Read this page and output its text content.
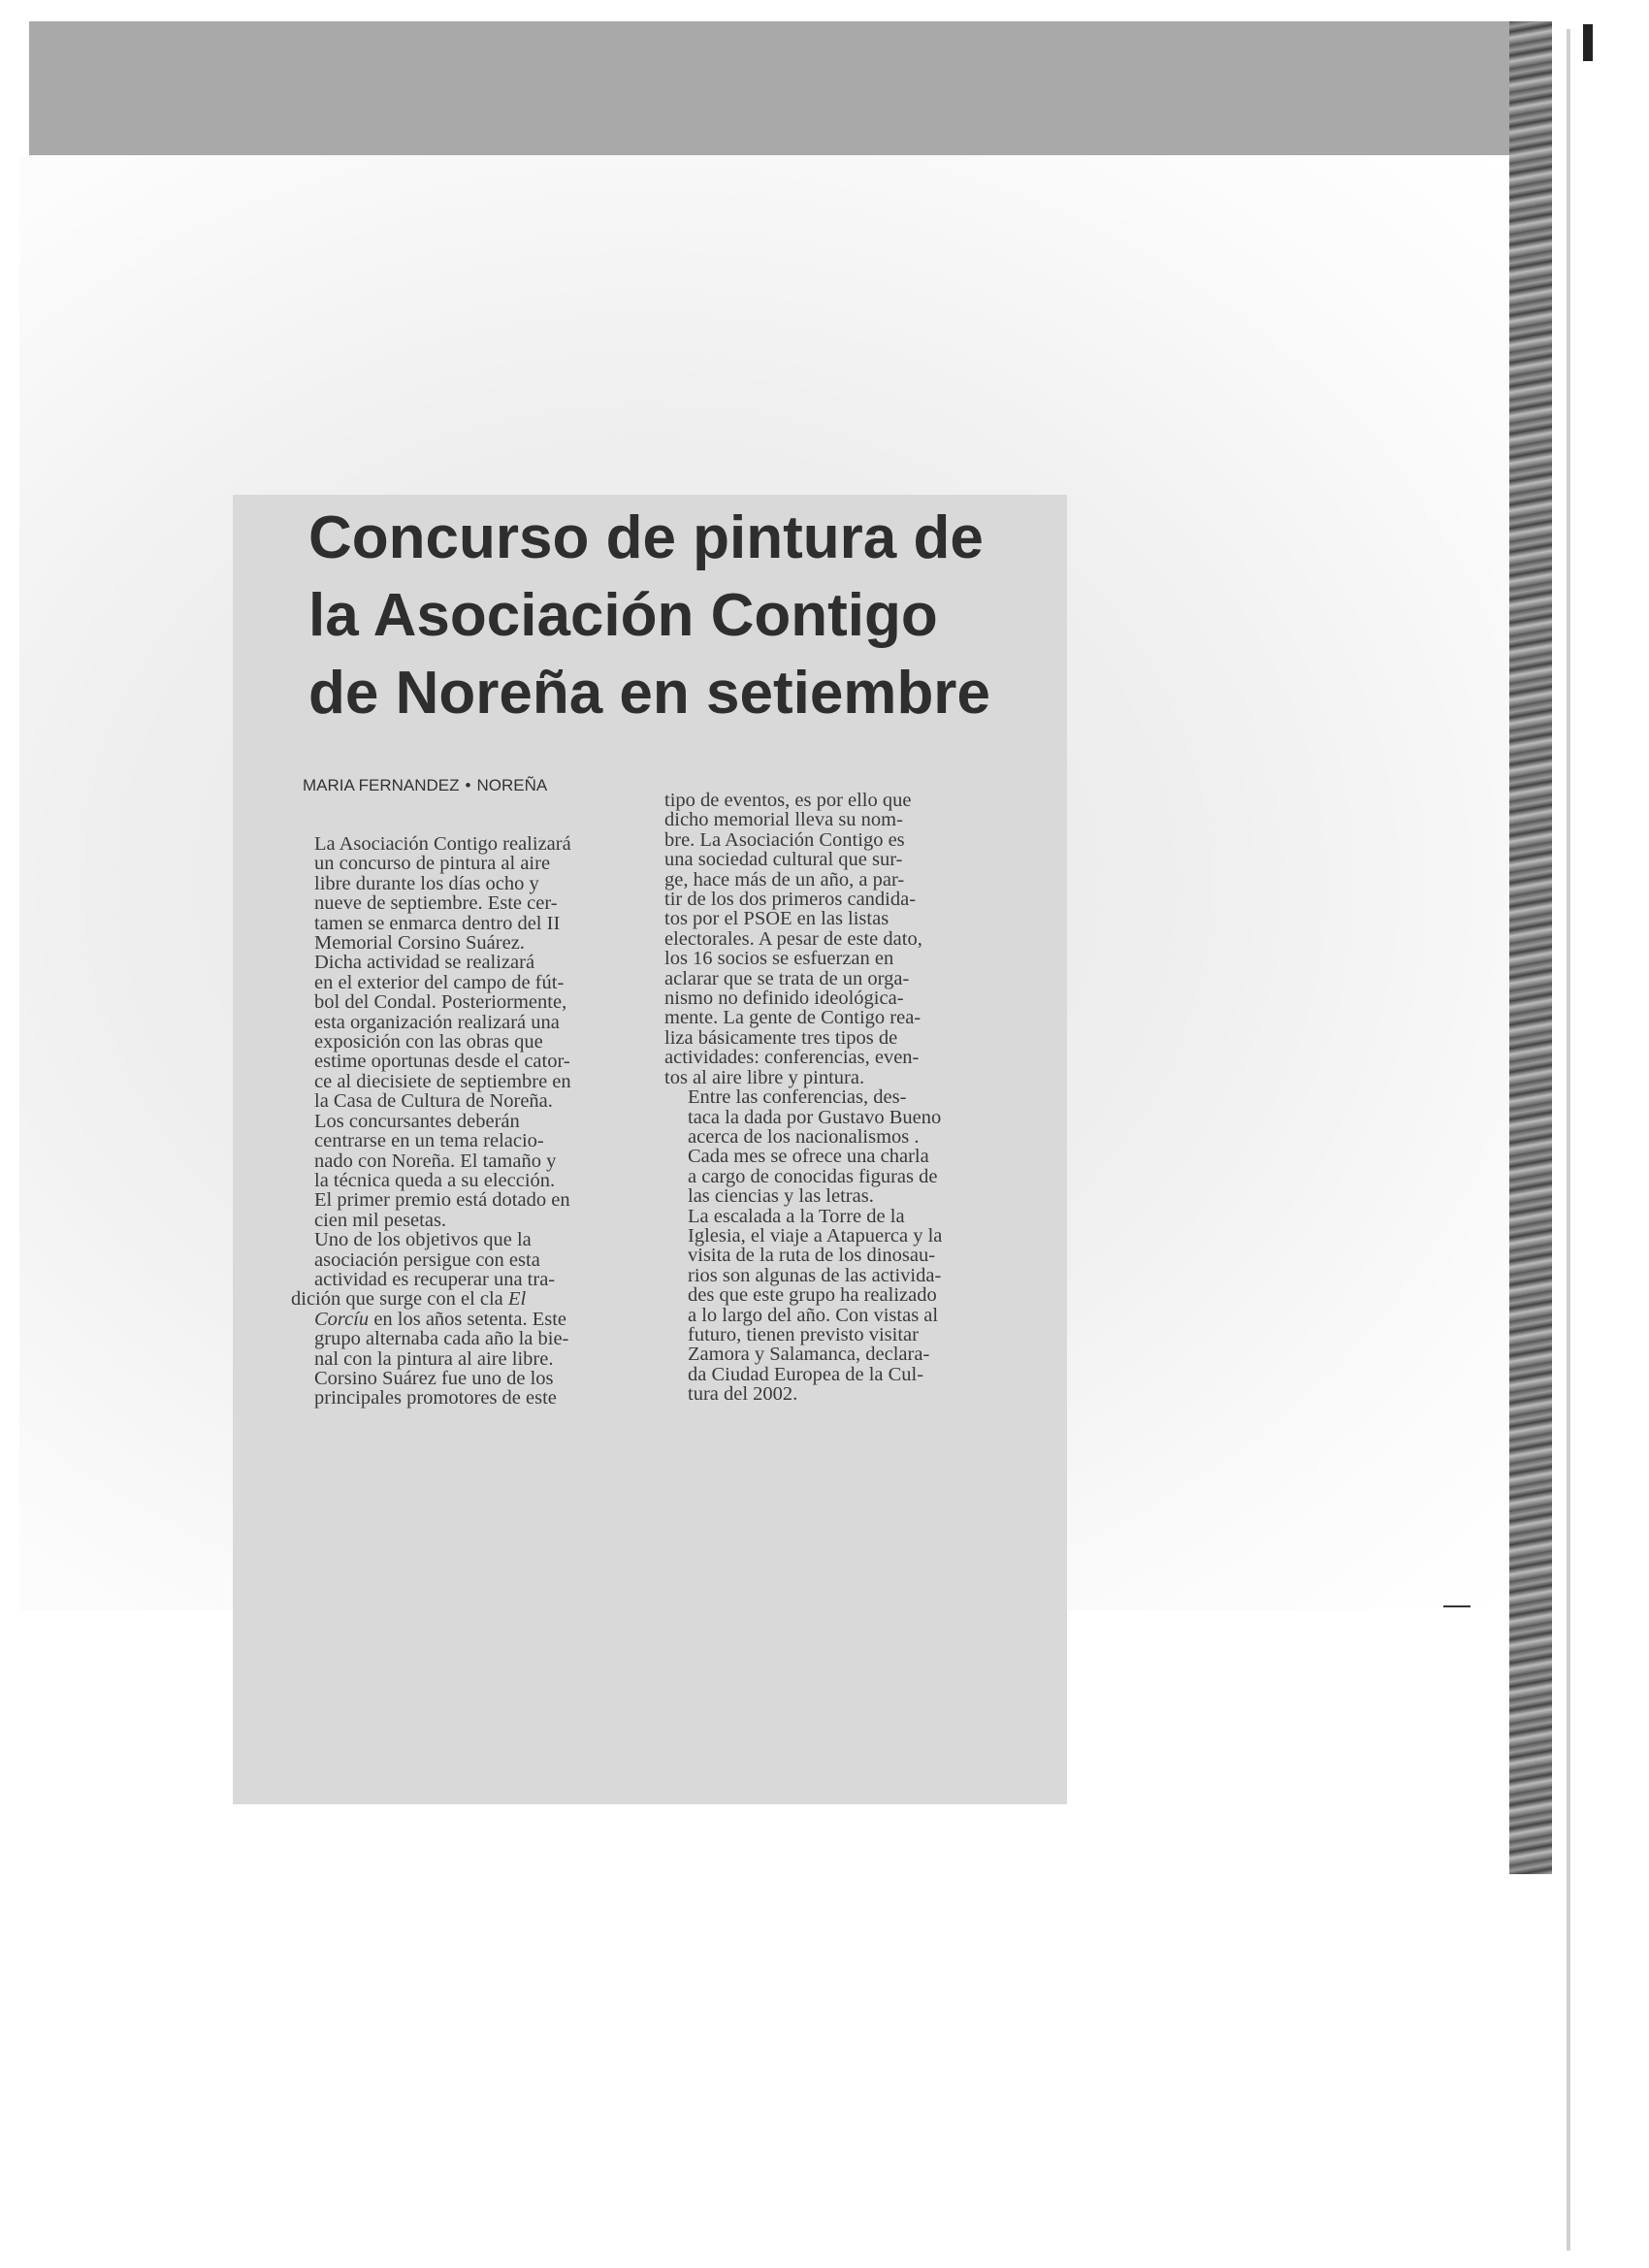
Concurso de pintura de
la Asociación Contigo
de Noreña en setiembre
MARIA FERNANDEZ • NOREÑA

La Asociación Contigo realizará
un concurso de pintura al aire
libre durante los días ocho y
nueve de septiembre. Este cer-
tamen se enmarca dentro del II
Memorial Corsino Suárez.

Dicha actividad se realizará
en el exterior del campo de fút-
bol del Condal. Posteriormente,
esta organización realizará una
exposición con las obras que
estime oportunas desde el cator-
ce al diecisiete de septiembre en
la Casa de Cultura de Noreña.

Los concursantes deberán
centrarse en un tema relacio-
nado con Noreña. El tamaño y
la técnica queda a su elección.
El primer premio está dotado en
cien mil pesetas.

Uno de los objetivos que la
asociación persigue con esta
actividad es recuperar una tra-
dición que surge con el cla El
Corcíu en los años setenta. Este
grupo alternaba cada año la bie-
nal con la pintura al aire libre.
Corsino Suárez fue uno de los
principales promotores de este

tipo de eventos, es por ello que
dicho memorial lleva su nom-
bre. La Asociación Contigo es
una sociedad cultural que sur-
ge, hace más de un año, a par-
tir de los dos primeros candida-
tos por el PSOE en las listas
electorales. A pesar de este dato,
los 16 socios se esfuerzan en
aclarar que se trata de un orga-
nismo no definido ideológica-
mente. La gente de Contigo rea-
liza básicamente tres tipos de
actividades: conferencias, even-
tos al aire libre y pintura.

Entre las conferencias, des-
taca la dada por Gustavo Bueno
acerca de los nacionalismos .
Cada mes se ofrece una charla
a cargo de conocidas figuras de
las ciencias y las letras.

La escalada a la Torre de la
Iglesia, el viaje a Atapuerca y la
visita de la ruta de los dinosau-
rios son algunas de las activida-
des que este grupo ha realizado
a lo largo del año. Con vistas al
futuro, tienen previsto visitar
Zamora y Salamanca, declara-
da Ciudad Europea de la Cul-
tura del 2002.
